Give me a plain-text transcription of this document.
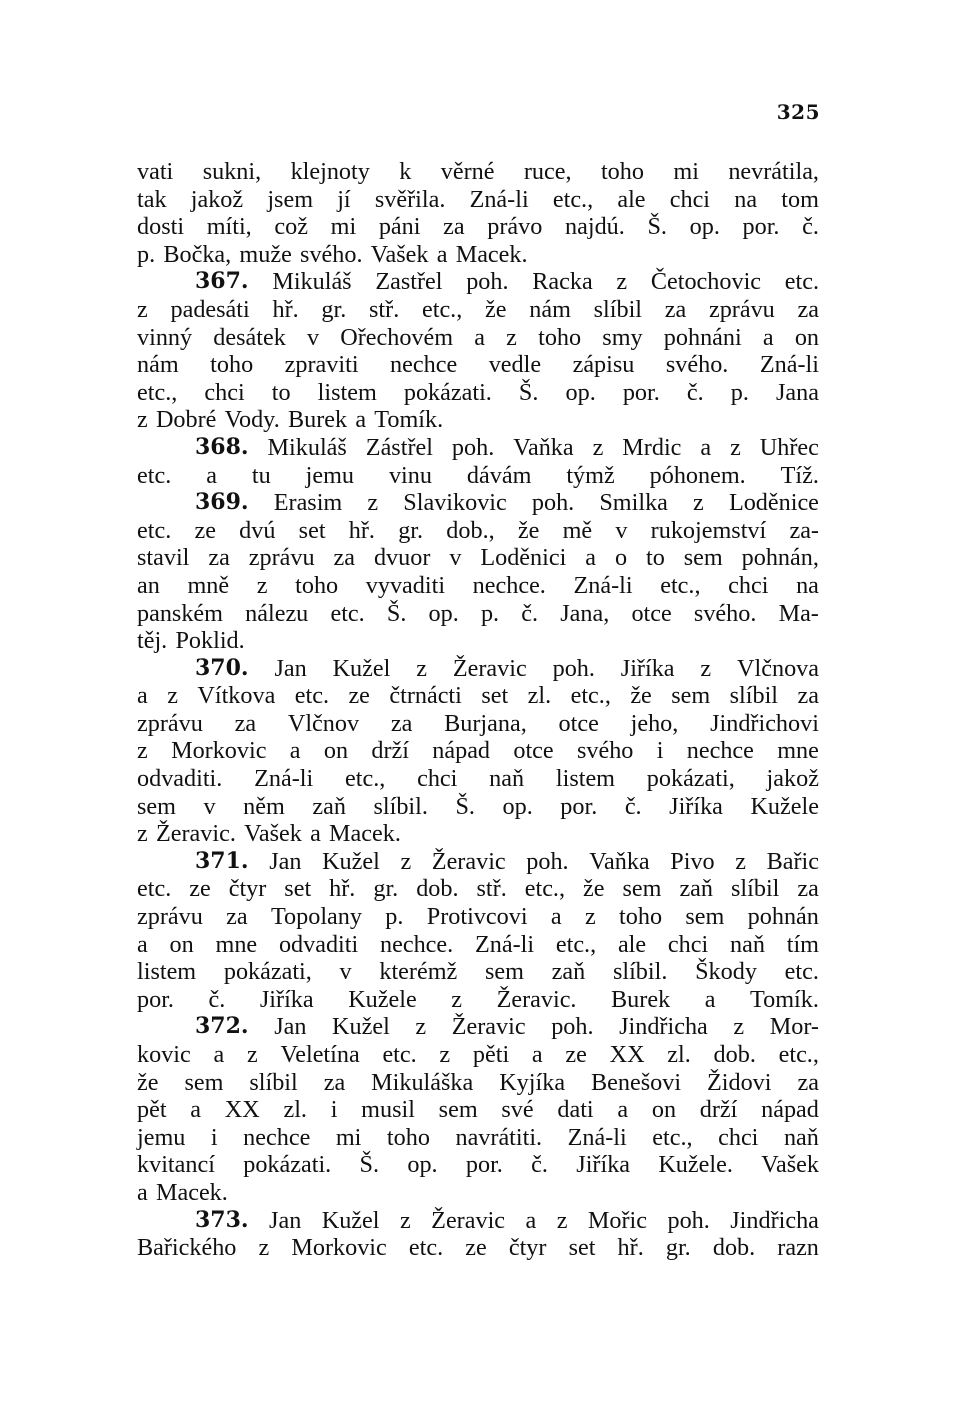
325
vati sukni, klejnoty k věrné ruce, toho mi nevrátila,
tak jakož jsem jí svěřila. Zná-li etc., ale chci na tom
dosti míti, což mi páni za právo najdú. Š. op. por. č.
p. Bočka, muže svého. Vašek a Macek.
367. Mikuláš Zastřel poh. Racka z Četochovic etc.
z padesáti hř. gr. stř. etc., že nám slíbil za zprávu za
vinný desátek v Ořechovém a z toho smy pohnáni a on
nám toho zpraviti nechce vedle zápisu svého. Zná-li
etc., chci to listem pokázati. Š. op. por. č. p. Jana
z Dobré Vody. Burek a Tomík.
368. Mikuláš Zástřel poh. Vaňka z Mrdic a z Uhřec
etc. a tu jemu vinu dávám týmž póhonem. Tíž.
369. Erasim z Slavikovic poh. Smilka z Loděnice
etc. ze dvú set hř. gr. dob., že mě v rukojemství za-
stavil za zprávu za dvuor v Loděnici a o to sem pohnán,
an mně z toho vyvaditi nechce. Zná-li etc., chci na
panském nálezu etc. Š. op. p. č. Jana, otce svého. Ma-
těj. Poklid.
370. Jan Kužel z Žeravic poh. Jiříka z Vlčnova
a z Vítkova etc. ze čtrnácti set zl. etc., že sem slíbil za
zprávu za Vlčnov za Burjana, otce jeho, Jindřichovi
z Morkovic a on drží nápad otce svého i nechce mne
odvaditi. Zná-li etc., chci naň listem pokázati, jakož
sem v něm zaň slíbil. Š. op. por. č. Jiříka Kužele
z Žeravic. Vašek a Macek.
371. Jan Kužel z Žeravic poh. Vaňka Pivo z Bařic
etc. ze čtyr set hř. gr. dob. stř. etc., že sem zaň slíbil za
zprávu za Topolany p. Protivcovi a z toho sem pohnán
a on mne odvaditi nechce. Zná-li etc., ale chci naň tím
listem pokázati, v kterémž sem zaň slíbil. Škody etc.
por. č. Jiříka Kužele z Žeravic. Burek a Tomík.
372. Jan Kužel z Žeravic poh. Jindřicha z Mor-
kovic a z Veletína etc. z pěti a ze XX zl. dob. etc.,
že sem slíbil za Mikuláška Kyjíka Benešovi Židovi za
pět a XX zl. i musil sem své dati a on drží nápad
jemu i nechce mi toho navrátiti. Zná-li etc., chci naň
kvitancí pokázati. Š. op. por. č. Jiříka Kužele. Vašek
a Macek.
373. Jan Kužel z Žeravic a z Mořic poh. Jindřicha
Bařického z Morkovic etc. ze čtyr set hř. gr. dob. razn
